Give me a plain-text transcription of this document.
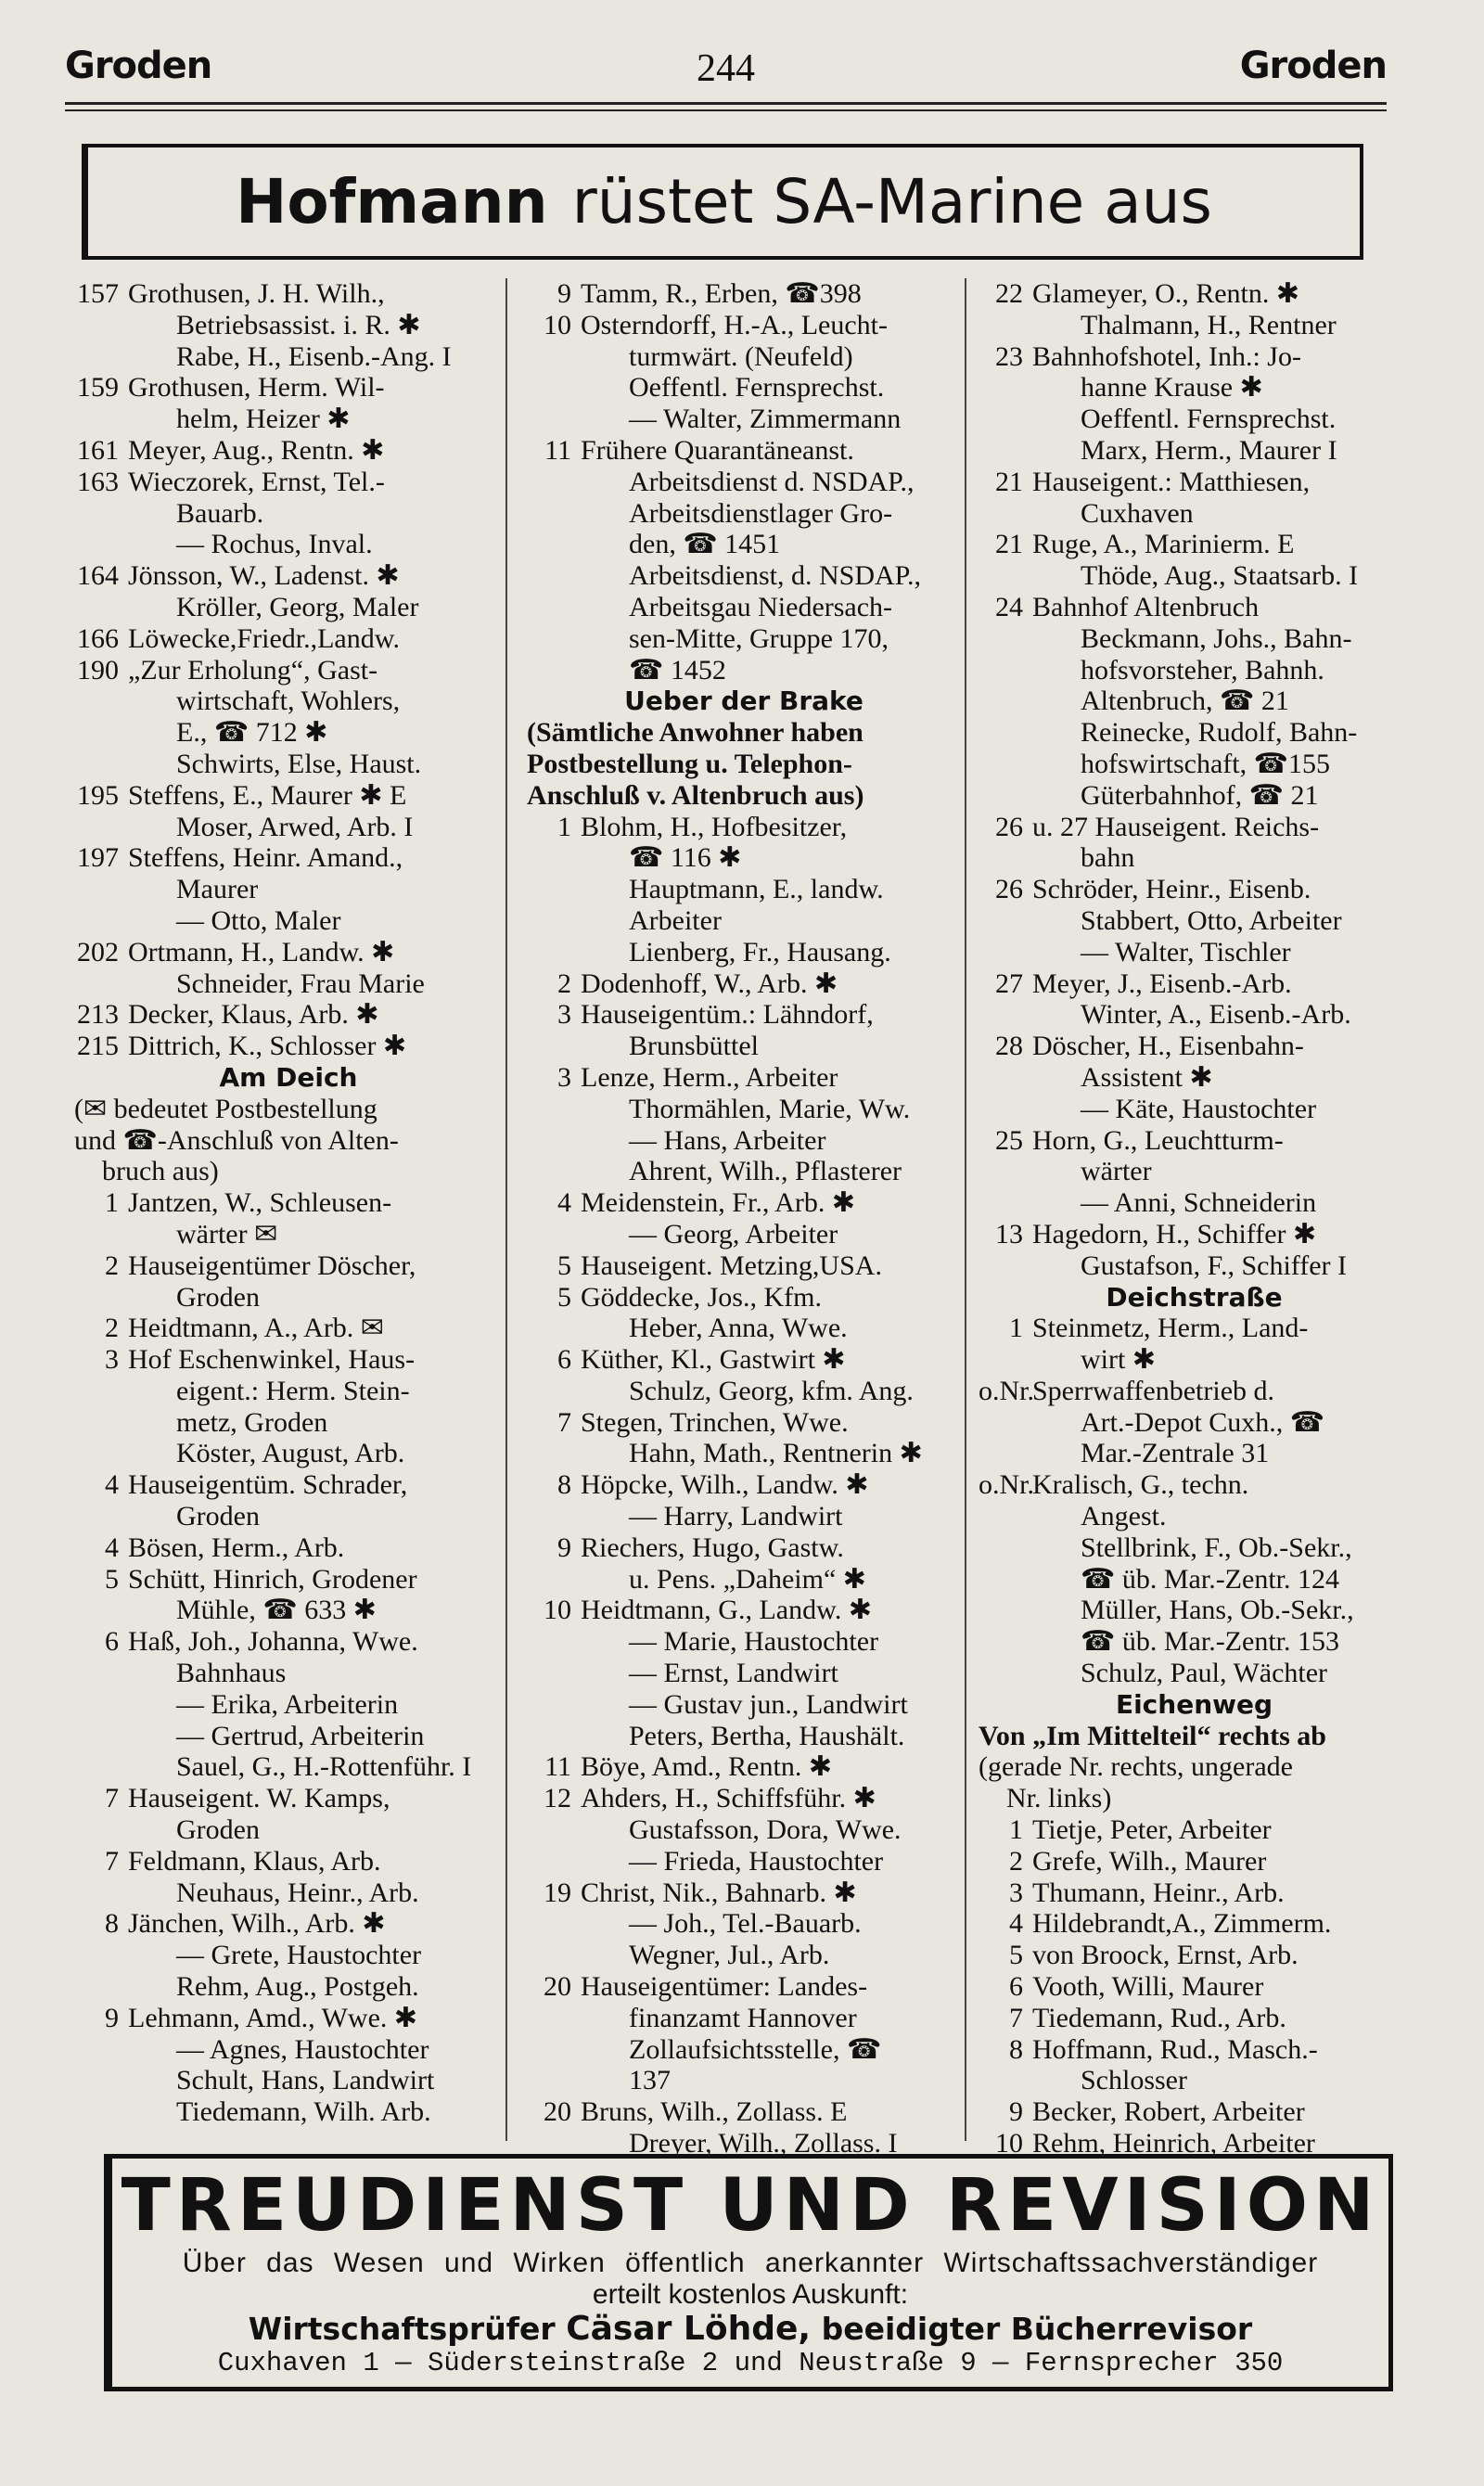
Groden	244	Groden
Hofmann rüstet SA-Marine aus
157 Grothusen, J. H. Wilh.,
Betriebsassist. i. R. ✱
Rabe, H., Eisenb.-Ang. I
159 Grothusen, Herm. Wil-
helm, Heizer ✱
161 Meyer, Aug., Rentn. ✱
163 Wieczorek, Ernst, Tel.-
Bauarb.
— Rochus, Inval.
164 Jönsson, W., Ladenst. ✱
Kröller, Georg, Maler
166 Löwecke,Friedr.,Landw.
190 „Zur Erholung“, Gast-
wirtschaft, Wohlers,
E., ☎ 712 ✱
Schwirts, Else, Haust.
195 Steffens, E., Maurer ✱ E
Moser, Arwed, Arb. I
197 Steffens, Heinr. Amand.,
Maurer
— Otto, Maler
202 Ortmann, H., Landw. ✱
Schneider, Frau Marie
213 Decker, Klaus, Arb. ✱
215 Dittrich, K., Schlosser ✱
Am Deich
(✉ bedeutet Postbestellung
und ☎-Anschluß von Alten-
bruch aus)
1 Jantzen, W., Schleusen-
wärter ✉
2 Hauseigentümer Döscher,
Groden
2 Heidtmann, A., Arb. ✉
3 Hof Eschenwinkel, Haus-
eigent.: Herm. Stein-
metz, Groden
Köster, August, Arb.
4 Hauseigentüm. Schrader,
Groden
4 Bösen, Herm., Arb.
5 Schütt, Hinrich, Grodener
Mühle, ☎ 633 ✱
6 Haß, Joh., Johanna, Wwe.
Bahnhaus
— Erika, Arbeiterin
— Gertrud, Arbeiterin
Sauel, G., H.-Rottenführ. I
7 Hauseigent. W. Kamps,
Groden
7 Feldmann, Klaus, Arb.
Neuhaus, Heinr., Arb.
8 Jänchen, Wilh., Arb. ✱
— Grete, Haustochter
Rehm, Aug., Postgeh.
9 Lehmann, Amd., Wwe. ✱
— Agnes, Haustochter
Schult, Hans, Landwirt
Tiedemann, Wilh. Arb.
9 Tamm, R., Erben, ☎398
10 Osterndorff, H.-A., Leucht-
turmwärt. (Neufeld)
Oeffentl. Fernsprechst.
— Walter, Zimmermann
11 Frühere Quarantäneanst.
Arbeitsdienst d. NSDAP.,
Arbeitsdienstlager Gro-
den, ☎ 1451
Arbeitsdienst, d. NSDAP.,
Arbeitsgau Niedersach-
sen-Mitte, Gruppe 170,
☎ 1452
Ueber der Brake
(Sämtliche Anwohner haben
Postbestellung u. Telephon-
Anschluß v. Altenbruch aus)
1 Blohm, H., Hofbesitzer,
☎ 116 ✱
Hauptmann, E., landw.
Arbeiter
Lienberg, Fr., Hausang.
2 Dodenhoff, W., Arb. ✱
3 Hauseigentüm.: Lähndorf,
Brunsbüttel
3 Lenze, Herm., Arbeiter
Thormählen, Marie, Ww.
— Hans, Arbeiter
Ahrent, Wilh., Pflasterer
4 Meidenstein, Fr., Arb. ✱
— Georg, Arbeiter
5 Hauseigent. Metzing,USA.
5 Göddecke, Jos., Kfm.
Heber, Anna, Wwe.
6 Küther, Kl., Gastwirt ✱
Schulz, Georg, kfm. Ang.
7 Stegen, Trinchen, Wwe.
Hahn, Math., Rentnerin ✱
8 Höpcke, Wilh., Landw. ✱
— Harry, Landwirt
9 Riechers, Hugo, Gastw.
u. Pens. „Daheim“ ✱
10 Heidtmann, G., Landw. ✱
— Marie, Haustochter
— Ernst, Landwirt
— Gustav jun., Landwirt
Peters, Bertha, Haushält.
11 Böye, Amd., Rentn. ✱
12 Ahders, H., Schiffsführ. ✱
Gustafsson, Dora, Wwe.
— Frieda, Haustochter
19 Christ, Nik., Bahnarb. ✱
— Joh., Tel.-Bauarb.
Wegner, Jul., Arb.
20 Hauseigentümer: Landes-
finanzamt Hannover
Zollaufsichtsstelle, ☎
137
20 Bruns, Wilh., Zollass. E
Dreyer, Wilh., Zollass. I
22 Glameyer, O., Rentn. ✱
Thalmann, H., Rentner
23 Bahnhofshotel, Inh.: Jo-
hanne Krause ✱
Oeffentl. Fernsprechst.
Marx, Herm., Maurer I
21 Hauseigent.: Matthiesen,
Cuxhaven
21 Ruge, A., Marinierm. E
Thöde, Aug., Staatsarb. I
24 Bahnhof Altenbruch
Beckmann, Johs., Bahn-
hofsvorsteher, Bahnh.
Altenbruch, ☎ 21
Reinecke, Rudolf, Bahn-
hofswirtschaft, ☎155
Güterbahnhof, ☎ 21
26 u. 27 Hauseigent. Reichs-
bahn
26 Schröder, Heinr., Eisenb.
Stabbert, Otto, Arbeiter
— Walter, Tischler
27 Meyer, J., Eisenb.-Arb.
Winter, A., Eisenb.-Arb.
28 Döscher, H., Eisenbahn-
Assistent ✱
— Käte, Haustochter
25 Horn, G., Leuchtturm-
wärter
— Anni, Schneiderin
13 Hagedorn, H., Schiffer ✱
Gustafson, F., Schiffer I
Deichstraße
1 Steinmetz, Herm., Land-
wirt ✱
o.Nr.
Sperrwaffenbetrieb d.
Art.-Depot Cuxh., ☎
Mar.-Zentrale 31
o.Nr.
Kralisch, G., techn.
Angest.
Stellbrink, F., Ob.-Sekr.,
☎ üb. Mar.-Zentr. 124
Müller, Hans, Ob.-Sekr.,
☎ üb. Mar.-Zentr. 153
Schulz, Paul, Wächter
Eichenweg
Von „Im Mittelteil“ rechts ab
(gerade Nr. rechts, ungerade
Nr. links)
1 Tietje, Peter, Arbeiter
2 Grefe, Wilh., Maurer
3 Thumann, Heinr., Arb.
4 Hildebrandt,A., Zimmerm.
5 von Broock, Ernst, Arb.
6 Vooth, Willi, Maurer
7 Tiedemann, Rud., Arb.
8 Hoffmann, Rud., Masch.-
Schlosser
9 Becker, Robert, Arbeiter
10 Rehm, Heinrich, Arbeiter
TREUDIENST UND REVISION
Über das Wesen und Wirken öffentlich anerkannter Wirtschaftssachverständiger
erteilt kostenlos Auskunft:
Wirtschaftsprüfer Cäsar Löhde, beeidigter Bücherrevisor
Cuxhaven 1 — Südersteinstraße 2 und Neustraße 9 — Fernsprecher 350
